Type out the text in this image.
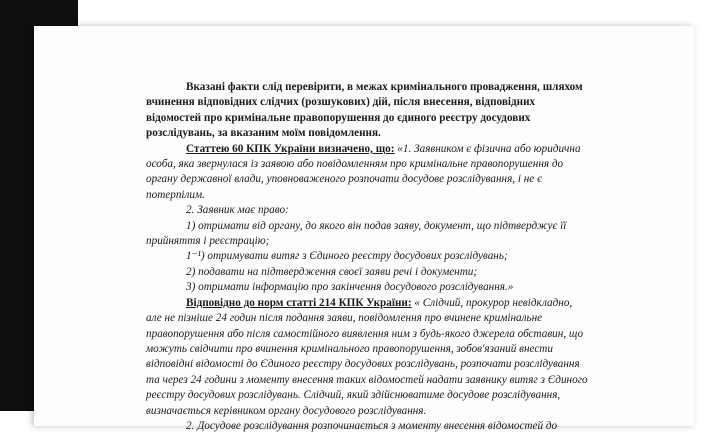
Вказані факти слід перевірити, в межах кримінального провадження, шляхом
вчинення відповідних слідчих (розшукових) дій, після внесення, відповідних
відомостей про кримінальне правопорушення до єдиного реєстру досудових
розслідувань, за вказаним моїм повідомлення.

Статтею 60 КПК України визначено, що: «1. Заявником є фізична або юридична
особа, яка звернулася із заявою або повідомленням про кримінальне правопорушення до
органу державної влади, уповноваженого розпочати досудове розслідування, і не є
потерпілим.

2. Заявник має право:
1) отримати від органу, до якого він подав заяву, документ, що підтверджує її
прийняття і реєстрацію;
1⁻¹) отримувати витяг з Єдиного реєстру досудових розслідувань;
2) подавати на підтвердження своєї заяви речі і документи;
3) отримати інформацію про закінчення досудового розслідування.»

Відповідно до норм статті 214 КПК України: « Слідчий, прокурор невідкладно,
але не пізніше 24 годин після подання заяви, повідомлення про вчинене кримінальне
правопорушення або після самостійного виявлення ним з будь-якого джерела обставин, що
можуть свідчити про вчинення кримінального правопорушення, зобов'язаний внести
відповідні відомості до Єдиного реєстру досудових розслідувань, розпочати розслідування
та через 24 години з моменту внесення таких відомостей надати заявнику витяг з Єдиного
реєстру досудових розслідувань. Слідчий, який здійснюватиме досудове розслідування,
визначається керівником органу досудового розслідування.
2. Досудове розслідування розпочинається з моменту внесення відомостей до
